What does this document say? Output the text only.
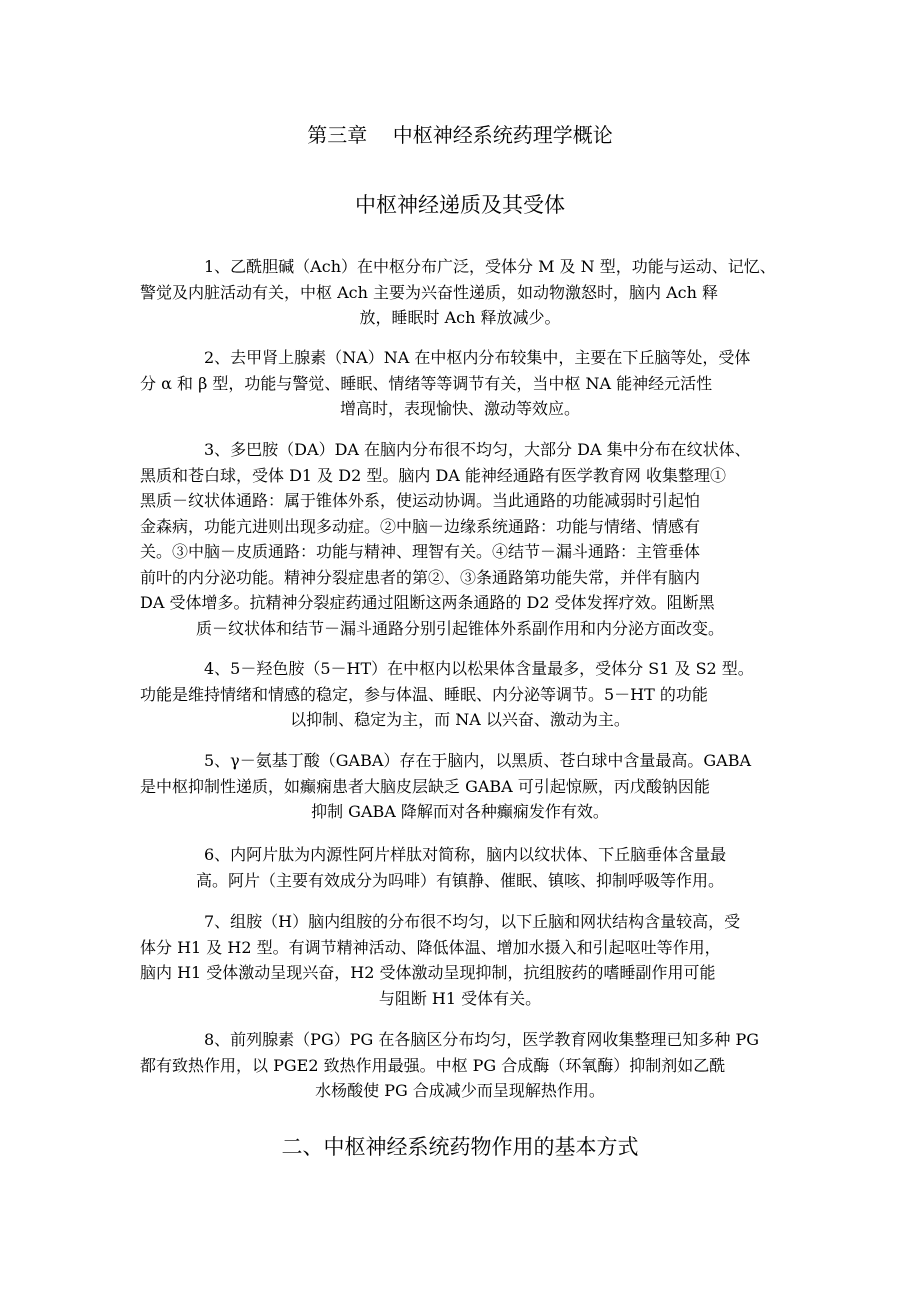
第三章    中枢神经系统药理学概论
中枢神经递质及其受体
1、乙酰胆碱（Ach）在中枢分布广泛，受体分 M 及 N 型，功能与运动、记忆、 警觉及内脏活动有关，中枢 Ach 主要为兴奋性递质，如动物激怒时，脑内 Ach 释 放，睡眠时 Ach 释放减少。
2、去甲肾上腺素（NA）NA 在中枢内分布较集中，主要在下丘脑等处，受体 分 α 和 β 型，功能与警觉、睡眠、情绪等等调节有关，当中枢 NA 能神经元活性 增高时，表现愉快、激动等效应。
3、多巴胺（DA）DA 在脑内分布很不均匀，大部分 DA 集中分布在纹状体、 黑质和苍白球，受体 D1 及 D2 型。脑内 DA 能神经通路有医学教育网 收集整理① 黑质－纹状体通路：属于锥体外系，使运动协调。当此通路的功能减弱时引起怕 金森病，功能亢进则出现多动症。②中脑－边缘系统通路：功能与情绪、情感有 关。③中脑－皮质通路：功能与精神、理智有关。④结节－漏斗通路：主管垂体 前叶的内分泌功能。精神分裂症患者的第②、③条通路第功能失常，并伴有脑内 DA 受体增多。抗精神分裂症药通过阻断这两条通路的 D2 受体发挥疗效。阻断黑 质－纹状体和结节－漏斗通路分别引起锥体外系副作用和内分泌方面改变。
4、5－羟色胺（5－HT）在中枢内以松果体含量最多，受体分 S1 及 S2 型。 功能是维持情绪和情感的稳定，参与体温、睡眠、内分泌等调节。5－HT 的功能 以抑制、稳定为主，而 NA 以兴奋、激动为主。
5、γ－氨基丁酸（GABA）存在于脑内，以黑质、苍白球中含量最高。GABA 是中枢抑制性递质，如癫痫患者大脑皮层缺乏 GABA 可引起惊厥，丙戊酸钠因能 抑制 GABA 降解而对各种癫痫发作有效。
6、内阿片肽为内源性阿片样肽对简称，脑内以纹状体、下丘脑垂体含量最 高。阿片（主要有效成分为吗啡）有镇静、催眠、镇咳、抑制呼吸等作用。
7、组胺（H）脑内组胺的分布很不均匀，以下丘脑和网状结构含量较高，受 体分 H1 及 H2 型。有调节精神活动、降低体温、增加水摄入和引起呕吐等作用， 脑内 H1 受体激动呈现兴奋，H2 受体激动呈现抑制，抗组胺药的嗜睡副作用可能 与阻断 H1 受体有关。
8、前列腺素（PG）PG 在各脑区分布均匀，医学教育网收集整理已知多种 PG 都有致热作用，以 PGE2 致热作用最强。中枢 PG 合成酶（环氧酶）抑制剂如乙酰 水杨酸使 PG 合成减少而呈现解热作用。
二、中枢神经系统药物作用的基本方式
